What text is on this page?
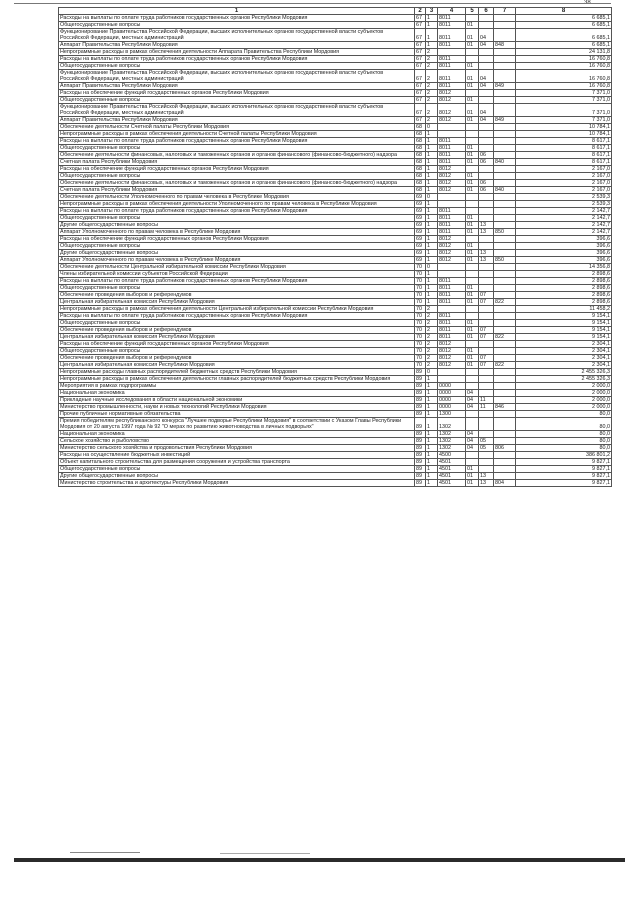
38
1	2	3	4	5	6	7	8
Расходы на выплаты по оплате труда работников государственных органов Республики Мордовия	67	1	8011				6 685,1
Общегосударственные вопросы	67	1	8011	01			6 685,1
Функционирование Правительства Российской Федерации, высших исполнительных органов государственной власти субъектов Российской Федерации, местных администраций	67	1	8011	01	04		6 685,1
Аппарат Правительства Республики Мордовия	67	1	8011	01	04	848	6 685,1
Непрограммные расходы в рамках обеспечения деятельности Аппарата Правительства Республики Мордовия	67	2					24 131,8
Расходы на выплаты по оплате труда работников государственных органов Республики Мордовия	67	2	8011				16 760,8
Общегосударственные вопросы	67	2	8011	01			16 760,8
Функционирование Правительства Российской Федерации, высших исполнительных органов государственной власти субъектов Российской Федерации, местных администраций	67	2	8011	01	04		16 760,8
Аппарат Правительства Республики Мордовия	67	2	8011	01	04	849	16 760,8
Расходы на обеспечение функций государственных органов Республики Мордовия	67	2	8012				7 371,0
Общегосударственные вопросы	67	2	8012	01			7 371,0
Функционирование Правительства Российской Федерации, высших исполнительных органов государственной власти субъектов Российской Федерации, местных администраций	67	2	8012	01	04		7 371,0
Аппарат Правительства Республики Мордовия	67	2	8012	01	04	849	7 371,0
Обеспечение деятельности Счетной палаты Республики Мордовия	68	0					10 784,1
Непрограммные расходы в рамках обеспечения деятельности Счетной палаты Республики Мордовия	68	1					10 784,1
Расходы на выплаты по оплате труда работников государственных органов Республики Мордовия	68	1	8011				8 617,1
Общегосударственные вопросы	68	1	8011	01			8 617,1
Обеспечение деятельности финансовых, налоговых и таможенных органов и органов финансового (финансово-бюджетного) надзора	68	1	8011	01	06		8 617,1
Счетная палата Республики Мордовия	68	1	8011	01	06	840	8 617,1
Расходы на обеспечение функций государственных органов Республики Мордовия	68	1	8012				2 167,0
Общегосударственные вопросы	68	1	8012	01			2 167,0
Обеспечение деятельности финансовых, налоговых и таможенных органов и органов финансового (финансово-бюджетного) надзора	68	1	8012	01	06		2 167,0
Счетная палата Республики Мордовия	68	1	8012	01	06	840	2 167,0
Обеспечение деятельности Уполномоченного по правам человека в Республике Мордовия	69	0					2 539,3
Непрограммные расходы в рамках обеспечения деятельности Уполномоченного по правам человека в Республике Мордовия	69	1					2 539,3
Расходы на выплаты по оплате труда работников государственных органов Республики Мордовия	69	1	8011				2 142,7
Общегосударственные вопросы	69	1	8011	01			2 142,7
Другие общегосударственные вопросы	69	1	8011	01	13		2 142,7
Аппарат Уполномоченного по правам человека в Республике Мордовия	69	1	8011	01	13	850	2 142,7
Расходы на обеспечение функций государственных органов Республики Мордовия	69	1	8012				396,6
Общегосударственные вопросы	69	1	8012	01			396,6
Другие общегосударственные вопросы	69	1	8012	01	13		396,6
Аппарат Уполномоченного по правам человека в Республике Мордовия	69	1	8012	01	13	850	396,6
Обеспечение деятельности Центральной избирательной комиссии Республики Мордовия	70	0					14 356,8
Члены избирательной комиссии субъектов Российской Федерации	70	1					2 898,6
Расходы на выплаты по оплате труда работников государственных органов Республики Мордовия	70	1	8011				2 898,6
Общегосударственные вопросы	70	1	8011	01			2 898,6
Обеспечение проведения выборов и референдумов	70	1	8011	01	07		2 898,6
Центральная избирательная комиссия Республики Мордовия	70	1	8011	01	07	822	2 898,6
Непрограммные расходы в рамках обеспечения деятельности Центральной избирательной комиссии Республики Мордовия	70	2					11 458,2
Расходы на выплаты по оплате труда работников государственных органов Республики Мордовия	70	2	8011				9 154,1
Общегосударственные вопросы	70	2	8011	01			9 154,1
Обеспечение проведения выборов и референдумов	70	2	8011	01	07		9 154,1
Центральная избирательная комиссия Республики Мордовия	70	2	8011	01	07	822	9 154,1
Расходы на обеспечение функций государственных органов Республики Мордовия	70	2	8012				2 304,1
Общегосударственные вопросы	70	2	8012	01			2 304,1
Обеспечение проведения выборов и референдумов	70	2	8012	01	07		2 304,1
Центральная избирательная комиссия Республики Мордовия	70	2	8012	01	07	822	2 304,1
Непрограммные расходы главных распорядителей бюджетных средств Республики Мордовия	89	0					2 455 326,3
Непрограммные расходы в рамках обеспечения деятельности главных распорядителей бюджетных средств Республики Мордовия	89	1					2 455 326,3
Мероприятия в рамках подпрограммы	89	1	0000				2 000,0
Национальная экономика	89	1	0000	04			2 000,0
Прикладные научные исследования в области национальной экономики	89	1	0000	04	11		2 000,0
Министерство промышленности, науки и новых технологий Республики Мордовия	89	1	0000	04	11	846	2 000,0
Прочие публичные нормативные обязательства	89	1	1300				80,0
Премия победителям республиканского конкурса "Лучшее подворье Республики Мордовия" в соответствии с Указом Главы Республики Мордовия от 20 августа 1997 года № 92 "О мерах по развитию животноводства в личных подворьях"	89	1	1302				80,0
Национальная экономика	89	1	1302	04			80,0
Сельское хозяйство и рыболовство	89	1	1302	04	05		80,0
Министерство сельского хозяйства и продовольствия Республики Мордовия	89	1	1302	04	05	806	80,0
Расходы на осуществление бюджетных инвестиций	89	1	4500				386 801,2
Объект капитального строительства для размещения сооружения и устройства транспорта	89	1	4501				9 827,1
Общегосударственные вопросы	89	1	4501	01			9 827,1
Другие общегосударственные вопросы	89	1	4501	01	13		9 827,1
Министерство строительства и архитектуры Республики Мордовия	89	1	4501	01	13	804	9 827,1
